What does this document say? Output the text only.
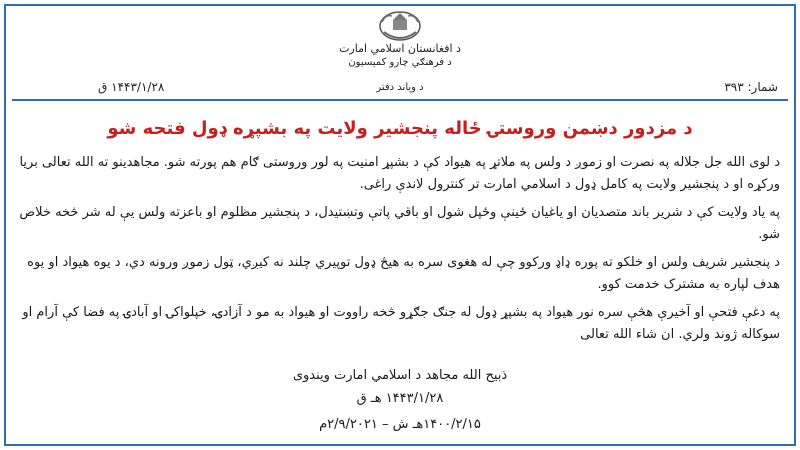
د افغانستان اسلامي امارت
د فرهنګي چارو کمیسیون
د ویاند دفتر	شمار: ۳۹۳
۱۴۴۳/۱/۲۸ ق
د مزدور دښمن وروستۍ ځاله پنجشیر ولایت په بشپړه ډول فتحه شو

د لوی الله جل جلاله په نصرت او زموږ د ولس په ملاتړ په هیواد کې د بشپړ امنیت په لور وروستی ګام هم پورته شو. مجاهدینو ته الله تعالی بریا ورکړه او د پنجشیر ولایت په کامل ډول د اسلامي امارت تر کنترول لاندې راغی.

په یاد ولایت کې د شریر باند متصدیان او یاغیان ځینې وځپل شول او باقي پاتې وتښتیدل، د پنجشیر مظلوم او باعزته ولس یې له شر څخه خلاص شو.

د پنجشیر شریف ولس او خلکو ته پوره ډاډ ورکوو چې له هغوی سره به هیڅ ډول توپیري چلند نه کیږي، ټول زموږ ورونه دي، د یوه هیواد او یوه هدف لپاره به مشترک خدمت کوو.

په دغې فتحې او آخیرې هڅې سره نور هیواد په بشپړ ډول له جنګ جګړو څخه راووت او هیواد به مو د آزادۍ، خپلواکۍ او آبادۍ په فضا کې آرام او سوکاله ژوند ولري. ان شاء الله تعالی

ذبیح الله مجاهد د اسلامي امارت ویندوی
۱۴۴۳/۱/۲۸ هـ ق
۱۴۰۰/۲/۱۵هـ ش – ۲/۹/۲۰۲۱م
